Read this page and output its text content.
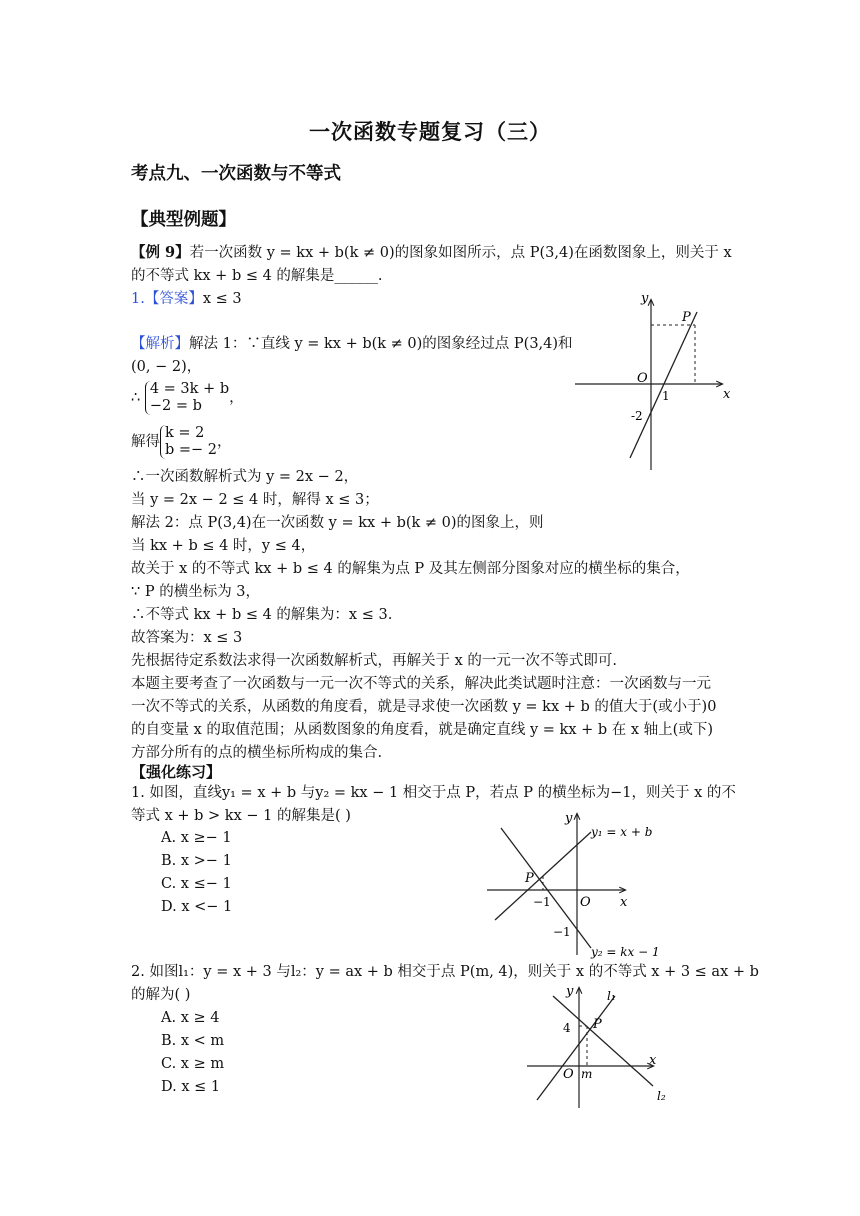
一次函数专题复习（三）
考点九、一次函数与不等式
【典型例题】
【例 9】若一次函数 y = kx + b(k ≠ 0)的图象如图所示，点 P(3,4)在函数图象上，则关于 x
的不等式 kx + b ≤ 4 的解集是______.
1.【答案】x ≤ 3
【解析】解法 1：∵直线 y = kx + b(k ≠ 0)的图象经过点 P(3,4)和
(0, − 2)，
∴ 4 = 3k + b
−2 = b ，
解得k = 2
b =− 2，
∴一次函数解析式为 y = 2x − 2，
当 y = 2x − 2 ≤ 4 时，解得 x ≤ 3；
解法 2：点 P(3,4)在一次函数 y = kx + b(k ≠ 0)的图象上，则
当 kx + b ≤ 4 时，y ≤ 4，
故关于 x 的不等式 kx + b ≤ 4 的解集为点 P 及其左侧部分图象对应的横坐标的集合，
∵ P 的横坐标为 3，
∴不等式 kx + b ≤ 4 的解集为：x ≤ 3.
故答案为：x ≤ 3
先根据待定系数法求得一次函数解析式，再解关于 x 的一元一次不等式即可.
本题主要考查了一次函数与一元一次不等式的关系，解决此类试题时注意：一次函数与一元
一次不等式的关系，从函数的角度看，就是寻求使一次函数 y = kx + b 的值大于(或小于)0
的自变量 x 的取值范围；从函数图象的角度看，就是确定直线 y = kx + b 在 x 轴上(或下)
方部分所有的点的横坐标所构成的集合.
y
P
O
1
-2
x
【强化练习】
1. 如图，直线y₁ = x + b 与y₂ = kx − 1 相交于点 P，若点 P 的横坐标为−1，则关于 x 的不
等式 x + b > kx − 1 的解集是( )
A. x ≥− 1
B. x >− 1
C. x ≤− 1
D. x <− 1
y
y₁ = x + b
P
−1 O x
−1
y₂ = kx − 1
2. 如图l₁：y = x + 3 与l₂：y = ax + b 相交于点 P(m, 4)，则关于 x 的不等式 x + 3 ≤ ax + b
的解为( )
A. x ≥ 4
B. x < m
C. x ≥ m
D. x ≤ 1
y	l₁
4 P
x
O m
l₂
